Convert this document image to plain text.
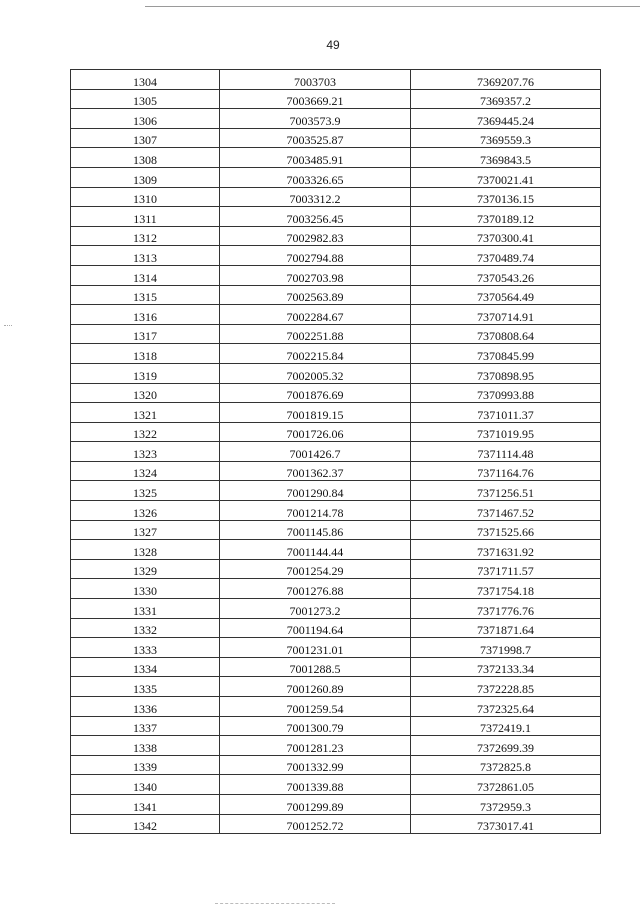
49
1304	7003703	7369207.76
1305	7003669.21	7369357.2
1306	7003573.9	7369445.24
1307	7003525.87	7369559.3
1308	7003485.91	7369843.5
1309	7003326.65	7370021.41
1310	7003312.2	7370136.15
1311	7003256.45	7370189.12
1312	7002982.83	7370300.41
1313	7002794.88	7370489.74
1314	7002703.98	7370543.26
1315	7002563.89	7370564.49
1316	7002284.67	7370714.91
1317	7002251.88	7370808.64
1318	7002215.84	7370845.99
1319	7002005.32	7370898.95
1320	7001876.69	7370993.88
1321	7001819.15	7371011.37
1322	7001726.06	7371019.95
1323	7001426.7	7371114.48
1324	7001362.37	7371164.76
1325	7001290.84	7371256.51
1326	7001214.78	7371467.52
1327	7001145.86	7371525.66
1328	7001144.44	7371631.92
1329	7001254.29	7371711.57
1330	7001276.88	7371754.18
1331	7001273.2	7371776.76
1332	7001194.64	7371871.64
1333	7001231.01	7371998.7
1334	7001288.5	7372133.34
1335	7001260.89	7372228.85
1336	7001259.54	7372325.64
1337	7001300.79	7372419.1
1338	7001281.23	7372699.39
1339	7001332.99	7372825.8
1340	7001339.88	7372861.05
1341	7001299.89	7372959.3
1342	7001252.72	7373017.41
